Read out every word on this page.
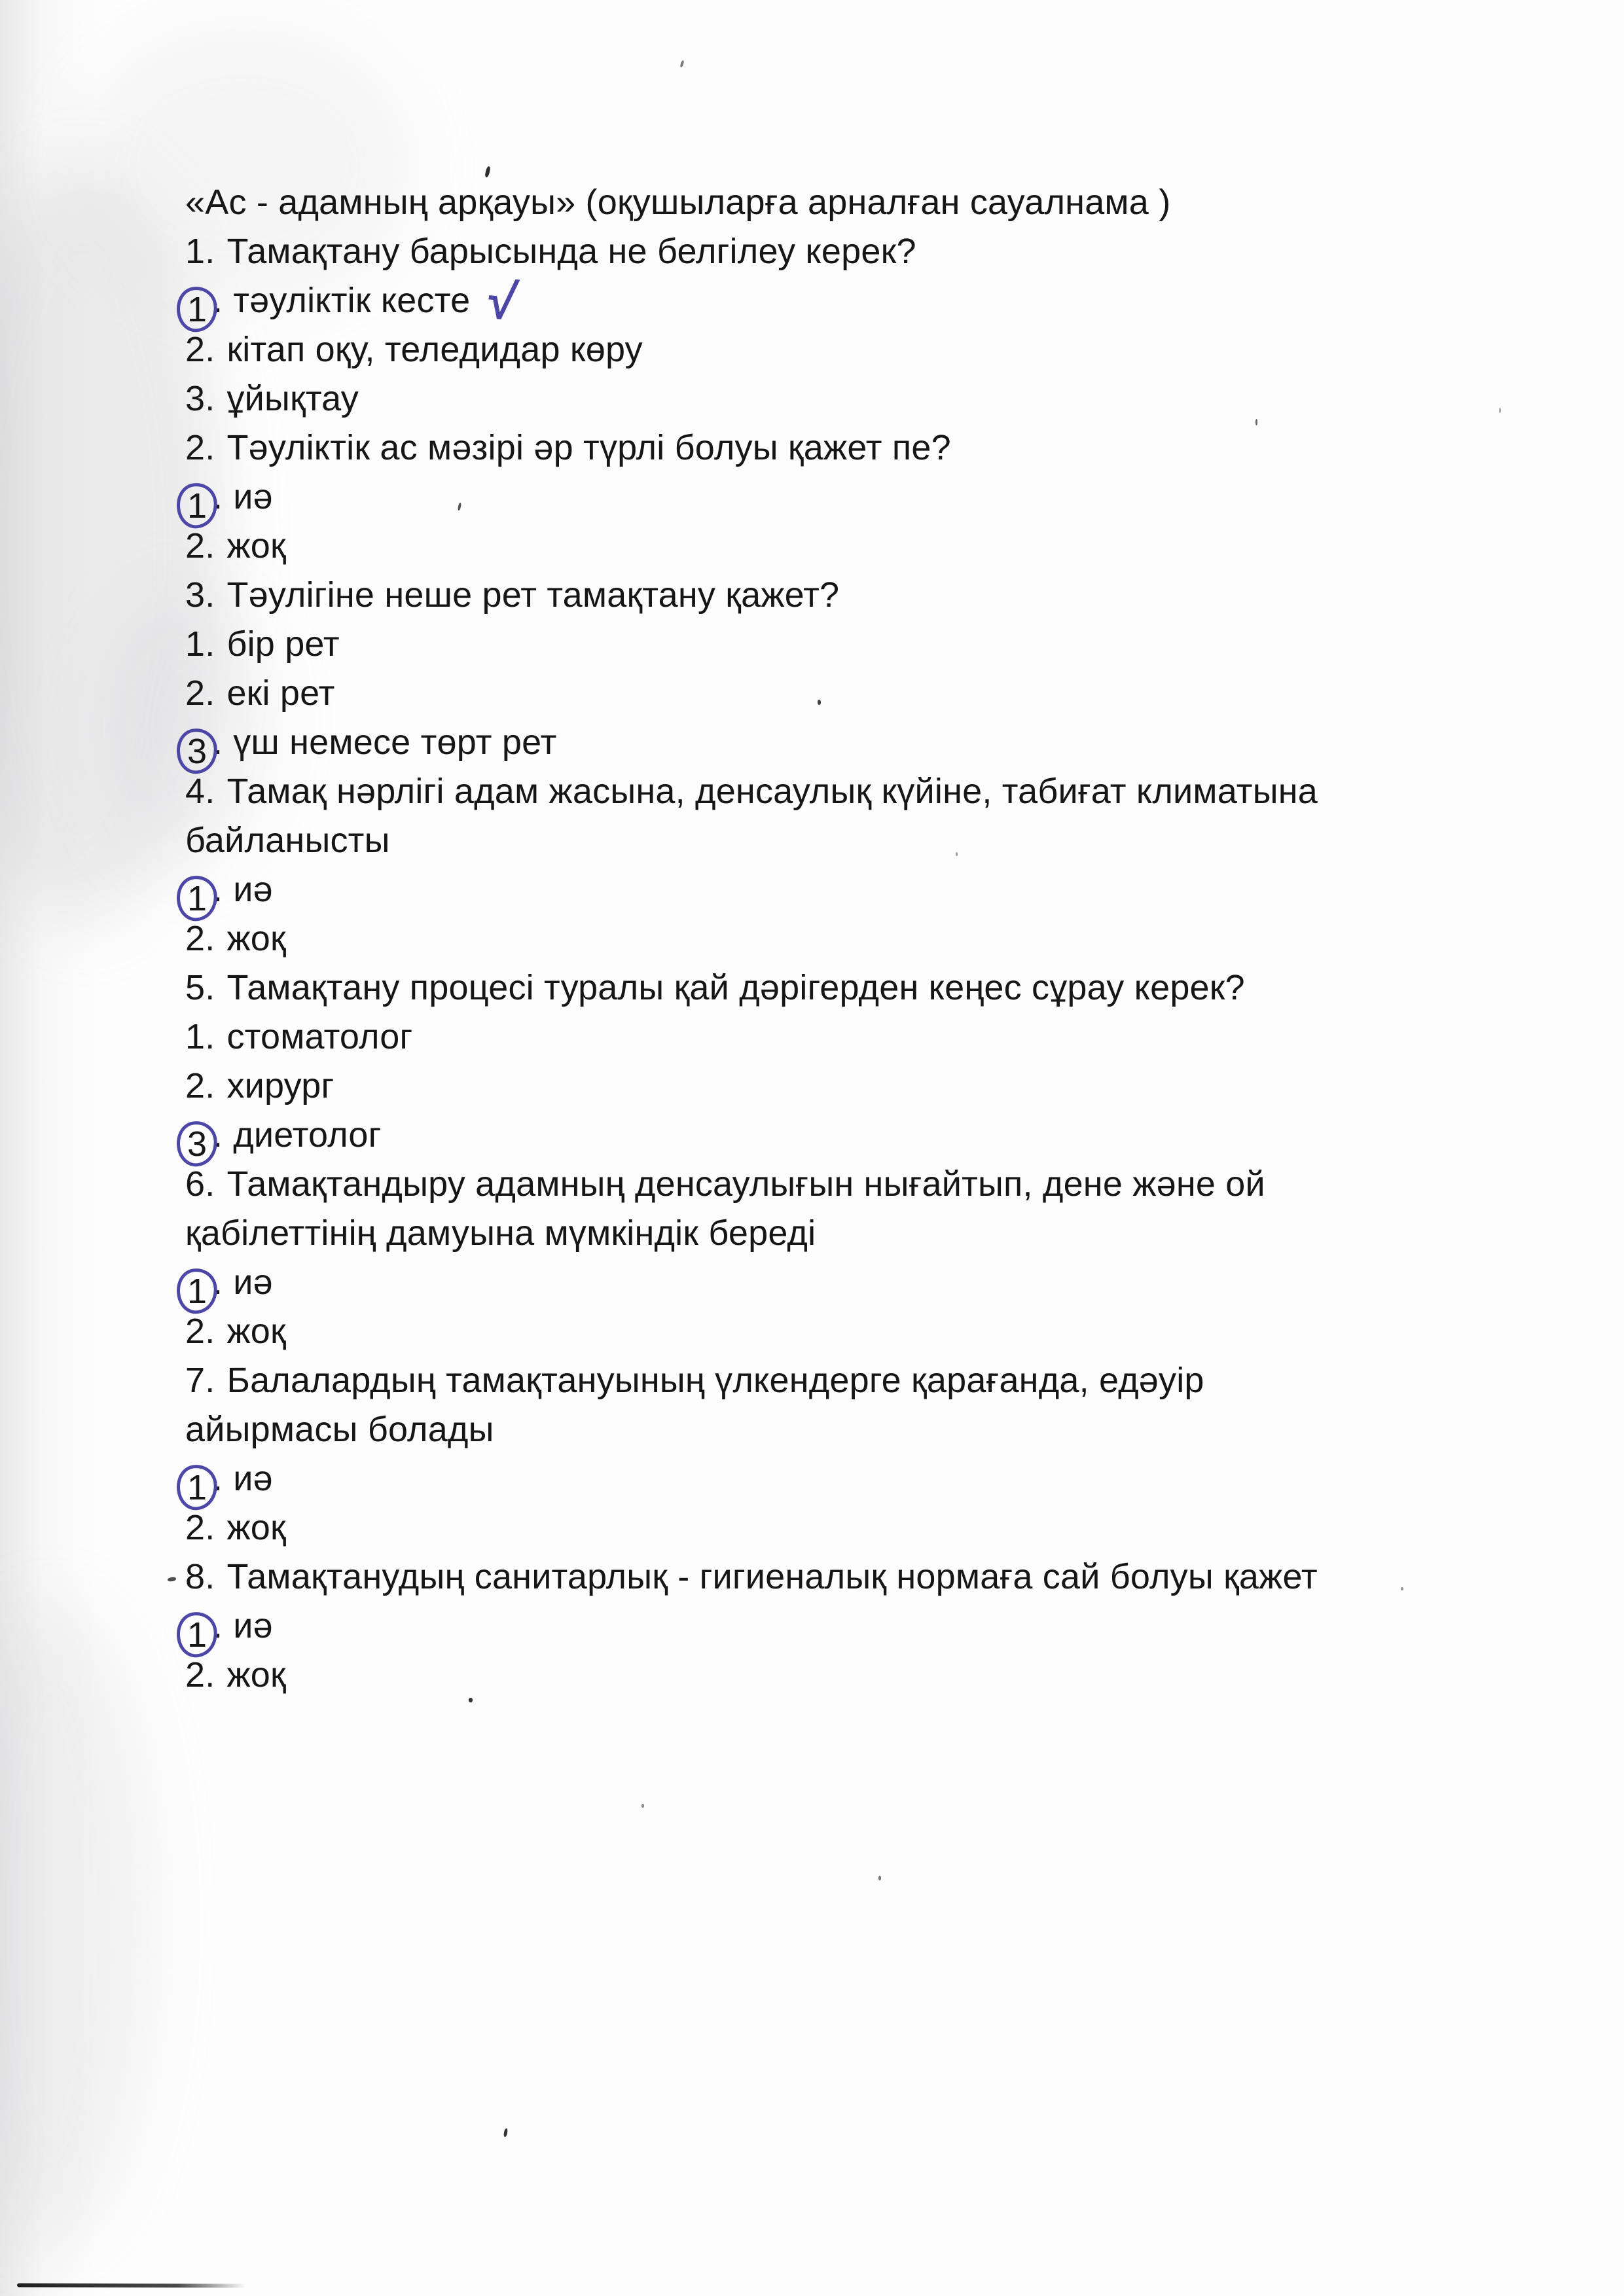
«Ас - адамның арқауы» (оқушыларға арналған сауалнама )
1. Тамақтану барысында не белгілеу керек?
1 . тәуліктік кесте √
2. кітап оқу, теледидар көру
3. ұйықтау
2. Тәуліктік ас мәзірі әр түрлі болуы қажет пе?
1 . иә
2. жоқ
3. Тәулігіне неше рет тамақтану қажет?
1. бір рет
2. екі рет
3 . үш немесе төрт рет
4. Тамақ нәрлігі адам жасына, денсаулық күйіне, табиғат климатына
байланысты
1 . иә
2. жоқ
5. Тамақтану процесі туралы қай дәрігерден кеңес сұрау керек?
1. стоматолог
2. хирург
3 . диетолог
6. Тамақтандыру адамның денсаулығын нығайтып, дене және ой
қабілеттінің дамуына мүмкіндік береді
1 . иә
2. жоқ
7. Балалардың тамақтануының үлкендерге қарағанда, едәуір
айырмасы болады
1 . иә
2. жоқ
8. Тамақтанудың санитарлық - гигиеналық нормаға сай болуы қажет
1 . иә
2. жоқ
